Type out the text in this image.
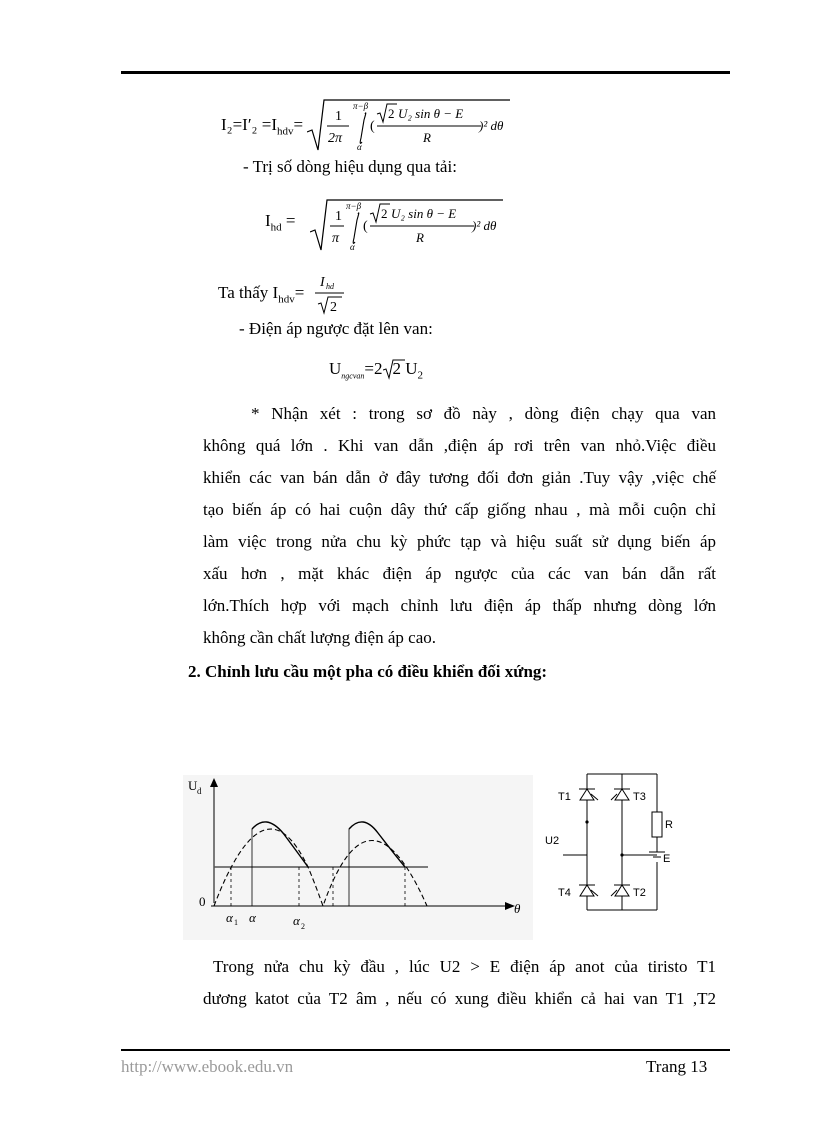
$I_2=I'_2 =I_{hdv}= 1$
2π
π−β
α
(
2 U₂ sin θ − E
R
)² dθ
- Trị số dòng hiệu dụng qua tải:
$I_{hd}$ =	1
π
π−β
α
(
2 U₂ sin θ − E
R
)² dθ
Ta thấy $I_{hdv}=$
I hd
2
- Điện áp ngược đặt lên van:
$U_{ngcvan}=2$ 2 $U_2$
* Nhận xét : trong sơ đồ này , dòng điện chạy qua van
không quá lớn . Khi van dẫn ,điện áp rơi trên van nhỏ.Việc điều
khiển các van bán dẫn ở đây tương đối đơn giản .Tuy vậy ,việc chế
tạo biến áp có hai cuộn dây thứ cấp giống nhau , mà mỗi cuộn chỉ
làm việc trong nửa chu kỳ phức tạp và hiệu suất sử dụng biến áp
xấu hơn , mặt khác điện áp ngược của các van bán dẫn rất
lớn.Thích hợp với mạch chỉnh lưu điện áp thấp nhưng dòng lớn
không cần chất lượng điện áp cao.
2. Chỉnh lưu cầu một pha có điều khiển đối xứng:
U d
0	θ
α 1 α	α 2
T1	T3
U2
R
E
T4	T2
Trong nửa chu kỳ đầu , lúc U2 > E điện áp anot của tiristo T1
dương katot của T2 âm , nếu có xung điều khiển cả hai van T1 ,T2
http://www.ebook.edu.vn	Trang 13
